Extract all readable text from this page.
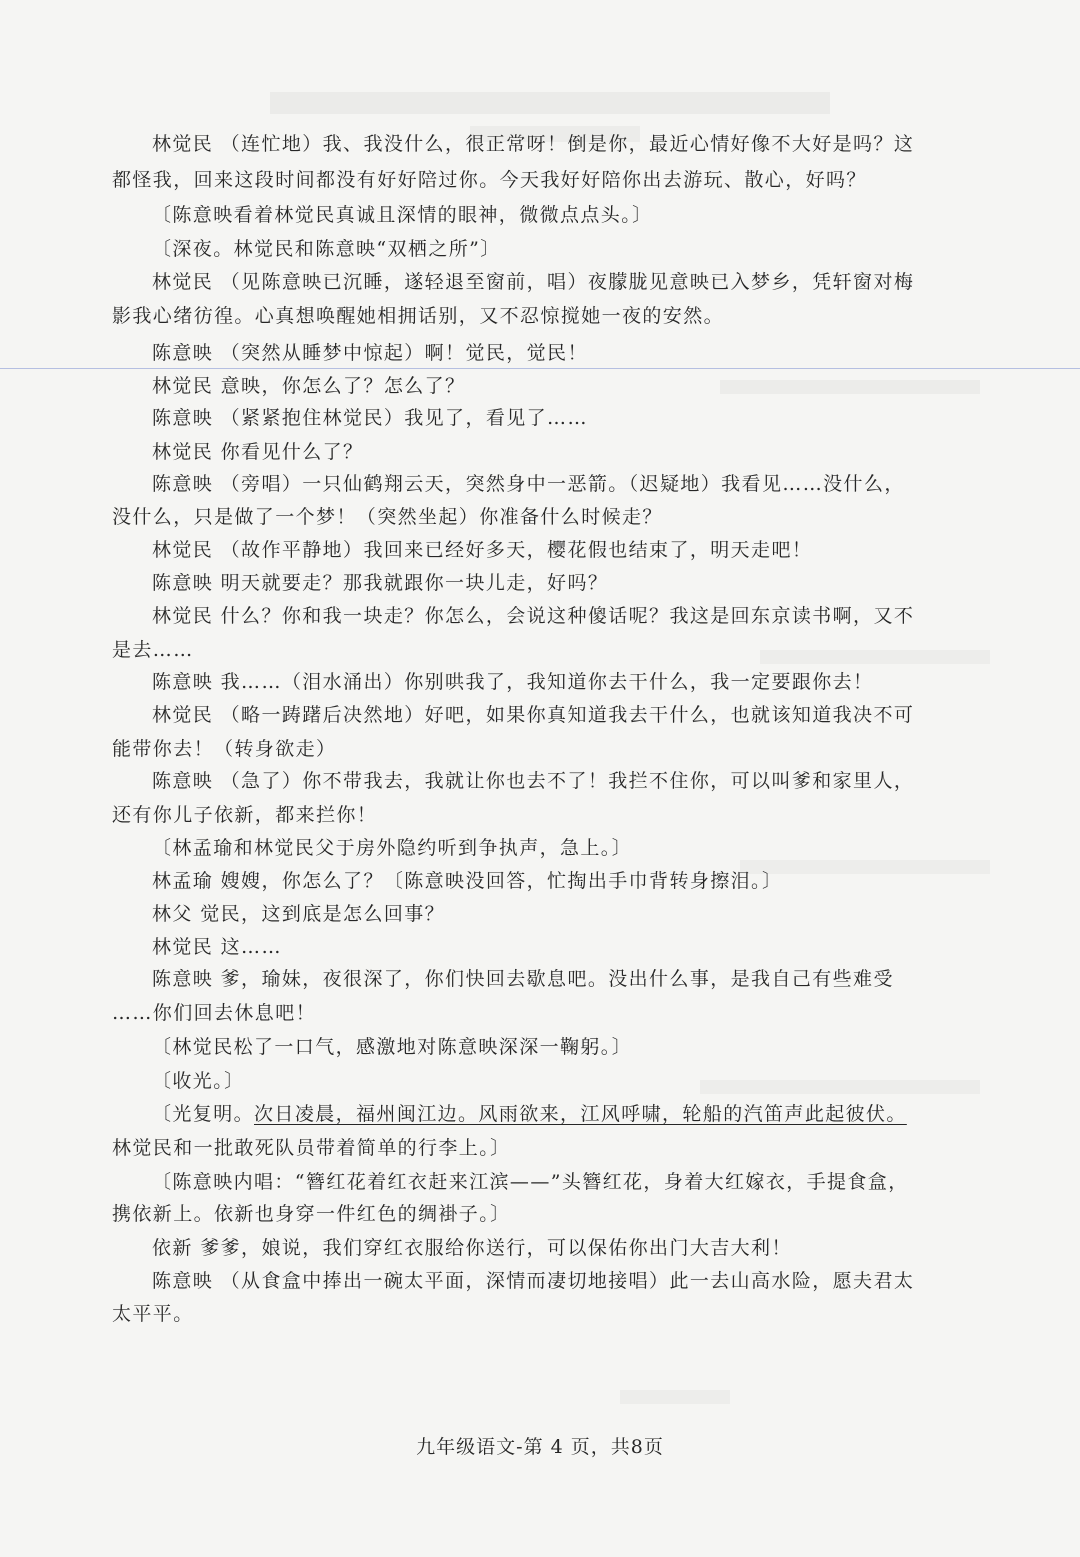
林觉民 （连忙地）我、我没什么，很正常呀！倒是你，最近心情好像不大好是吗？这
都怪我，回来这段时间都没有好好陪过你。今天我好好陪你出去游玩、散心，好吗？
〔陈意映看着林觉民真诚且深情的眼神，微微点点头。〕
〔深夜。林觉民和陈意映“双栖之所”〕
林觉民 （见陈意映已沉睡，遂轻退至窗前，唱）夜朦胧见意映已入梦乡，凭轩窗对梅
影我心绪彷徨。心真想唤醒她相拥话别，又不忍惊搅她一夜的安然。
陈意映 （突然从睡梦中惊起）啊！觉民，觉民！
林觉民 意映，你怎么了？怎么了？
陈意映 （紧紧抱住林觉民）我见了，看见了……
林觉民 你看见什么了？
陈意映 （旁唱）一只仙鹤翔云天，突然身中一恶箭。（迟疑地）我看见……没什么，
没什么，只是做了一个梦！（突然坐起）你准备什么时候走？
林觉民 （故作平静地）我回来已经好多天，樱花假也结束了，明天走吧！
陈意映 明天就要走？那我就跟你一块儿走，好吗？
林觉民 什么？你和我一块走？你怎么，会说这种傻话呢？我这是回东京读书啊，又不
是去……
陈意映 我……（泪水涌出）你别哄我了，我知道你去干什么，我一定要跟你去！
林觉民 （略一踌躇后决然地）好吧，如果你真知道我去干什么，也就该知道我决不可
能带你去！（转身欲走）
陈意映 （急了）你不带我去，我就让你也去不了！我拦不住你，可以叫爹和家里人，
还有你儿子依新，都来拦你！
〔林孟瑜和林觉民父于房外隐约听到争执声，急上。〕
林孟瑜 嫂嫂，你怎么了？〔陈意映没回答，忙掏出手巾背转身擦泪。〕
林父 觉民，这到底是怎么回事？
林觉民 这……
陈意映 爹，瑜妹，夜很深了，你们快回去歇息吧。没出什么事，是我自己有些难受
……你们回去休息吧！
〔林觉民松了一口气，感激地对陈意映深深一鞠躬。〕
〔收光。〕
〔光复明。次日凌晨，福州闽江边。风雨欲来，江风呼啸，轮船的汽笛声此起彼伏。
林觉民和一批敢死队员带着简单的行李上。〕
〔陈意映内唱：“簪红花着红衣赶来江滨——”头簪红花，身着大红嫁衣，手提食盒，
携依新上。依新也身穿一件红色的绸褂子。〕
依新 爹爹，娘说，我们穿红衣服给你送行，可以保佑你出门大吉大利！
陈意映 （从食盒中捧出一碗太平面，深情而凄切地接唱）此一去山高水险，愿夫君太
太平平。
九年级语文-第 4 页，共8页
